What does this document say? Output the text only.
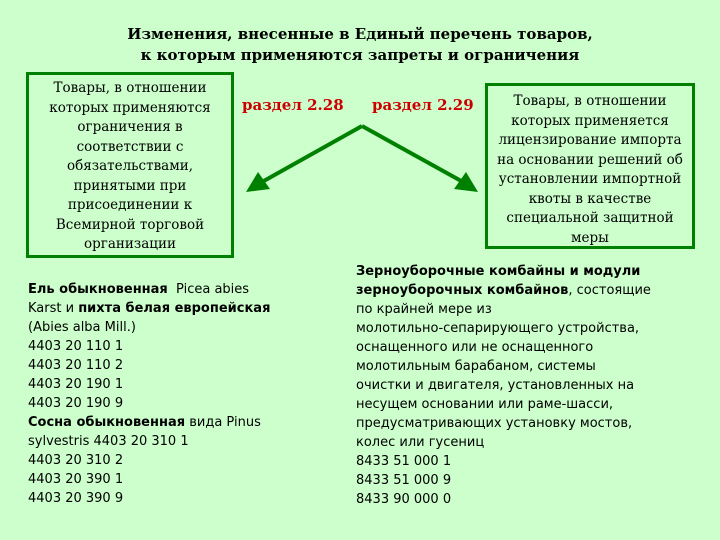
Изменения, внесенные в Единый перечень товаров,
к которым применяются запреты и ограничения
Товары, в отношении
которых применяются
ограничения в
соответствии с
обязательствами,
принятыми при
присоединении к
Всемирной торговой
организации
Товары, в отношении
которых применяется
лицензирование импорта
на основании решений об
установлении импортной
квоты в качестве
специальной защитной
меры
раздел 2.28 раздел 2.29
Ель обыкновенная Picea abies
Karst и пихта белая европейская
(Abies alba Mill.)
4403 20 110 1
4403 20 110 2
4403 20 190 1
4403 20 190 9
Сосна обыкновенная вида Pinus
sylvestris 4403 20 310 1
4403 20 310 2
4403 20 390 1
4403 20 390 9
Зерноуборочные комбайны и модули
зерноуборочных комбайнов, состоящие
по крайней мере из
молотильно-сепарирующего устройства,
оснащенного или не оснащенного
молотильным барабаном, системы
очистки и двигателя, установленных на
несущем основании или раме-шасси,
предусматривающих установку мостов,
колес или гусениц
8433 51 000 1
8433 51 000 9
8433 90 000 0
